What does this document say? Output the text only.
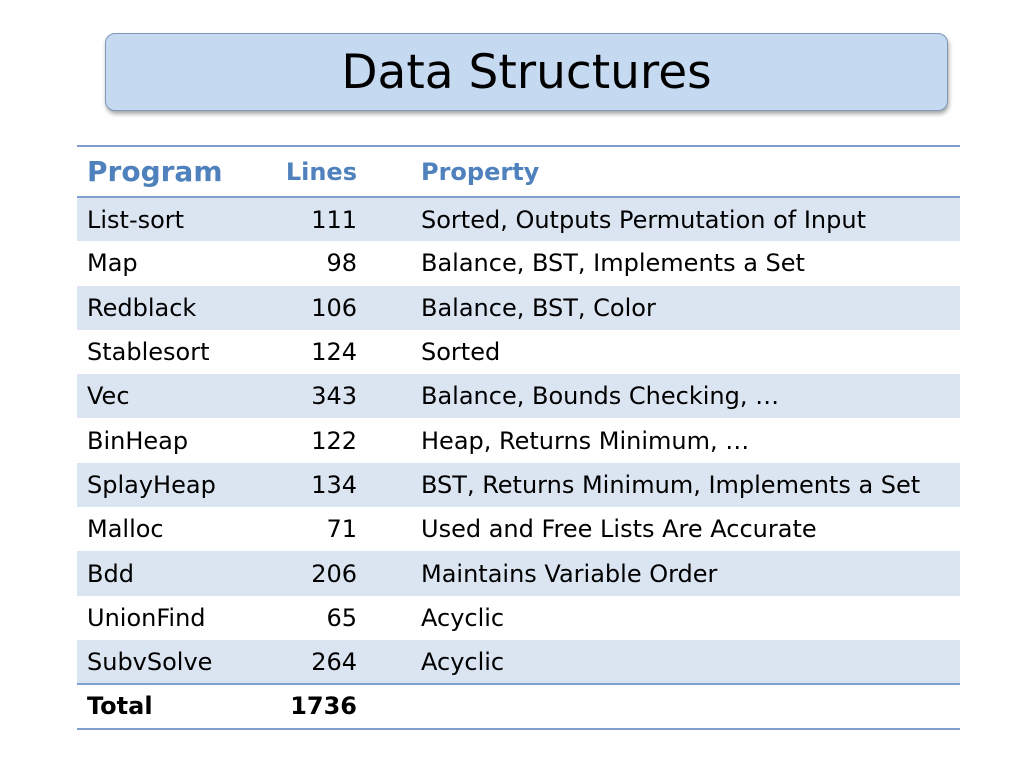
Data Structures
Program	Lines	Property
List-sort	111	Sorted, Outputs Permutation of Input
Map	98	Balance, BST, Implements a Set
Redblack	106	Balance, BST, Color
Stablesort	124	Sorted
Vec	343	Balance, Bounds Checking, …
BinHeap	122	Heap, Returns Minimum, …
SplayHeap	134	BST, Returns Minimum, Implements a Set
Malloc	71	Used and Free Lists Are Accurate
Bdd	206	Maintains Variable Order
UnionFind	65	Acyclic
SubvSolve	264	Acyclic
Total	1736	
